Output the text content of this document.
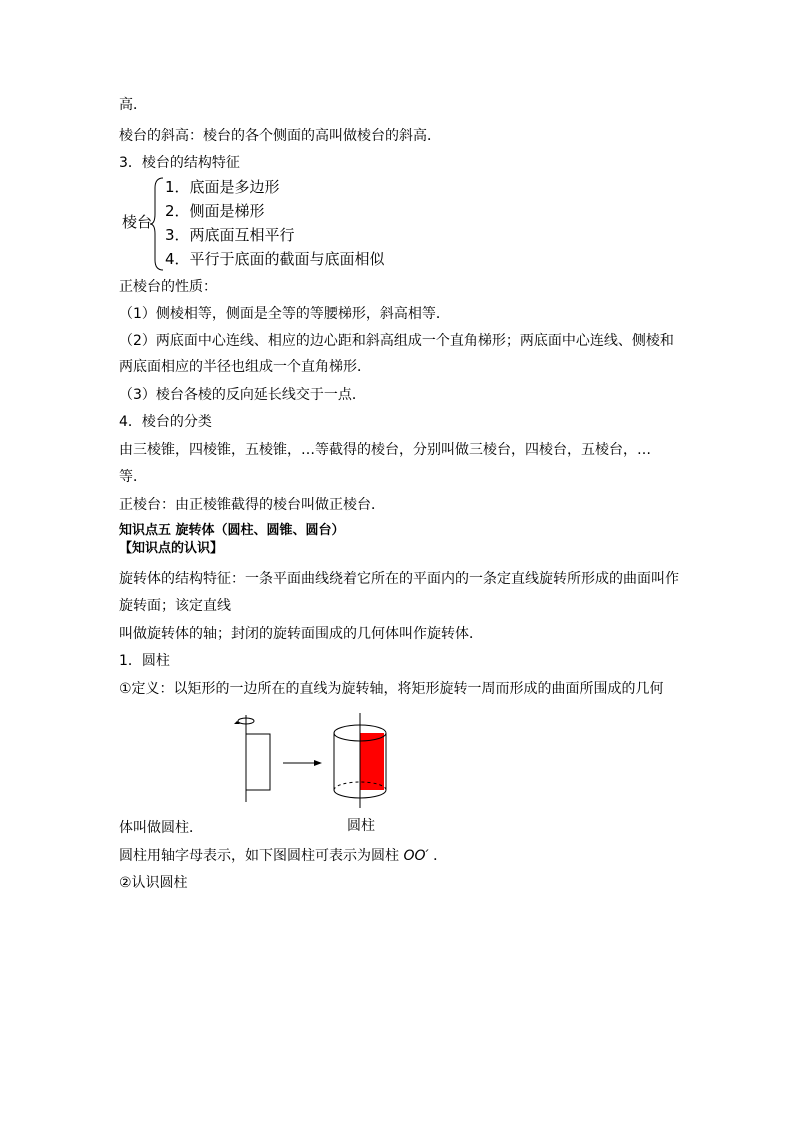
高．
棱台的斜高：棱台的各个侧面的高叫做棱台的斜高．
3．棱台的结构特征
棱台
1．底面是多边形
2．侧面是梯形
3．两底面互相平行
4．平行于底面的截面与底面相似
正棱台的性质：
（1）侧棱相等，侧面是全等的等腰梯形，斜高相等．
（2）两底面中心连线、相应的边心距和斜高组成一个直角梯形；两底面中心连线、侧棱和
两底面相应的半径也组成一个直角梯形．
（3）棱台各棱的反向延长线交于一点．
4．棱台的分类
由三棱锥，四棱锥，五棱锥，…等截得的棱台，分别叫做三棱台，四棱台，五棱台，…
等．
正棱台：由正棱锥截得的棱台叫做正棱台．
知识点五 旋转体（圆柱、圆锥、圆台）
【知识点的认识】
旋转体的结构特征：一条平面曲线绕着它所在的平面内的一条定直线旋转所形成的曲面叫作
旋转面；该定直线
叫做旋转体的轴；封闭的旋转面围成的几何体叫作旋转体．
1．圆柱
①定义：以矩形的一边所在的直线为旋转轴，将矩形旋转一周而形成的曲面所围成的几何
圆柱
体叫做圆柱．
圆柱用轴字母表示，如下图圆柱可表示为圆柱 OO′ ．
②认识圆柱
